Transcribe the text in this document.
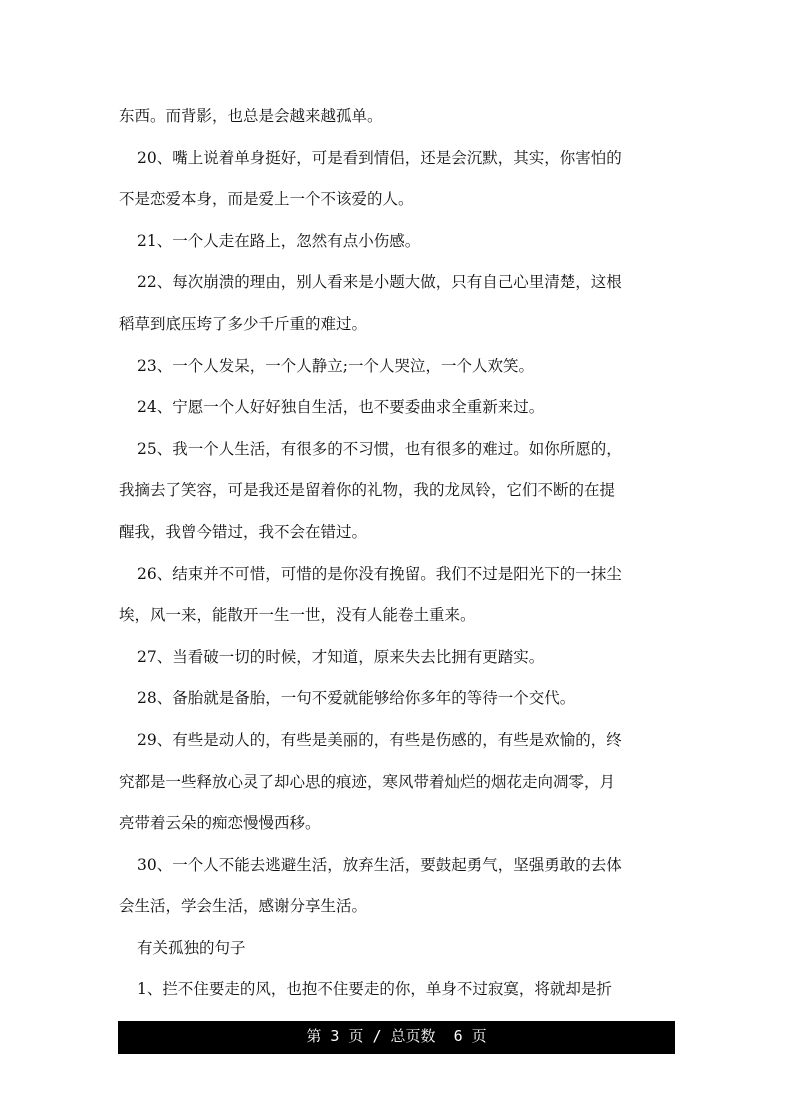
东西。而背影，也总是会越来越孤单。
20、嘴上说着单身挺好，可是看到情侣，还是会沉默，其实，你害怕的
不是恋爱本身，而是爱上一个不该爱的人。
21、一个人走在路上，忽然有点小伤感。
22、每次崩溃的理由，别人看来是小题大做，只有自己心里清楚，这根
稻草到底压垮了多少千斤重的难过。
23、一个人发呆，一个人静立;一个人哭泣，一个人欢笑。
24、宁愿一个人好好独自生活，也不要委曲求全重新来过。
25、我一个人生活，有很多的不习惯，也有很多的难过。如你所愿的，
我摘去了笑容，可是我还是留着你的礼物，我的龙凤铃，它们不断的在提
醒我，我曾今错过，我不会在错过。
26、结束并不可惜，可惜的是你没有挽留。我们不过是阳光下的一抹尘
埃，风一来，能散开一生一世，没有人能卷土重来。
27、当看破一切的时候，才知道，原来失去比拥有更踏实。
28、备胎就是备胎，一句不爱就能够给你多年的等待一个交代。
29、有些是动人的，有些是美丽的，有些是伤感的，有些是欢愉的，终
究都是一些释放心灵了却心思的痕迹，寒风带着灿烂的烟花走向凋零，月
亮带着云朵的痴恋慢慢西移。
30、一个人不能去逃避生活，放弃生活，要鼓起勇气，坚强勇敢的去体
会生活，学会生活，感谢分享生活。
有关孤独的句子
1、拦不住要走的风，也抱不住要走的你，单身不过寂寞，将就却是折
第 3 页 / 总页数  6 页
